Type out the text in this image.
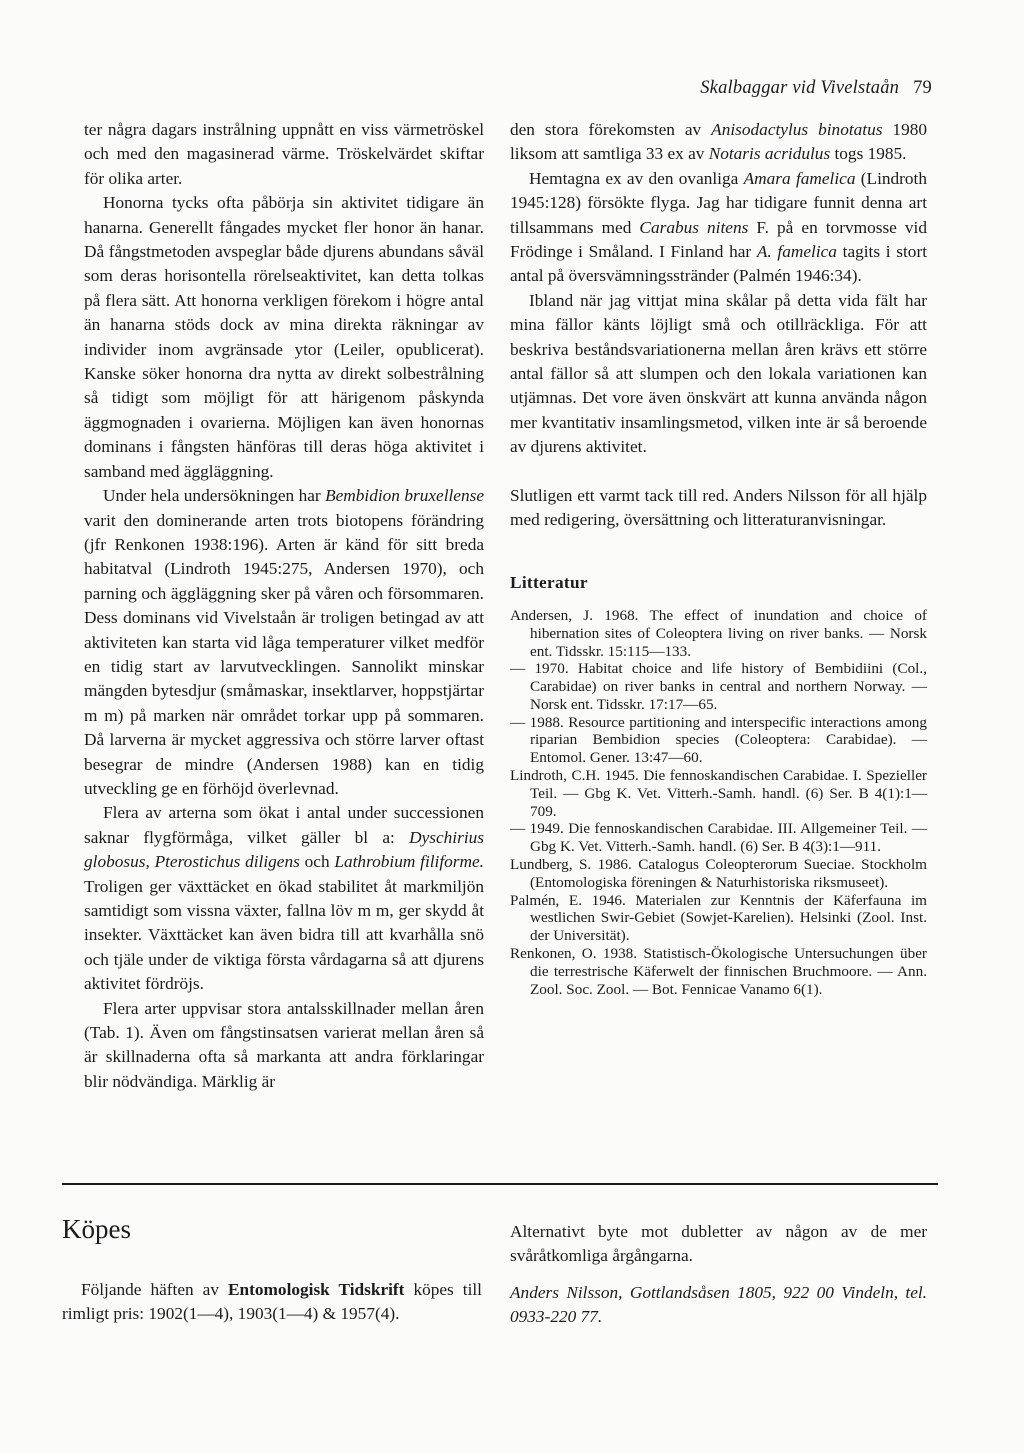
Skalbaggar vid Vivelstaån 79

ter några dagars instrålning uppnått en viss värmetröskel och med den magasinerad värme. Tröskelvärdet skiftar för olika arter.

Honorna tycks ofta påbörja sin aktivitet tidigare än hanarna. Generellt fångades mycket fler honor än hanar. Då fångstmetoden avspeglar både djurens abundans såväl som deras horisontella rörelseaktivitet, kan detta tolkas på flera sätt. Att honorna verkligen förekom i högre antal än hanarna stöds dock av mina direkta räkningar av individer inom avgränsade ytor (Leiler, opublicerat). Kanske söker honorna dra nytta av direkt solbestrålning så tidigt som möjligt för att härigenom påskynda äggmognaden i ovarierna. Möjligen kan även honornas dominans i fångsten hänföras till deras höga aktivitet i samband med äggläggning.

Under hela undersökningen har Bembidion bruxellense varit den dominerande arten trots biotopens förändring (jfr Renkonen 1938:196). Arten är känd för sitt breda habitatval (Lindroth 1945:275, Andersen 1970), och parning och äggläggning sker på våren och försommaren. Dess dominans vid Vivelstaån är troligen betingad av att aktiviteten kan starta vid låga temperaturer vilket medför en tidig start av larvutvecklingen. Sannolikt minskar mängden bytesdjur (småmaskar, insektlarver, hoppstjärtar m m) på marken när området torkar upp på sommaren. Då larverna är mycket aggressiva och större larver oftast besegrar de mindre (Andersen 1988) kan en tidig utveckling ge en förhöjd överlevnad.

Flera av arterna som ökat i antal under successionen saknar flygförmåga, vilket gäller bl a: Dyschirius globosus, Pterostichus diligens och Lathrobium filiforme. Troligen ger växttäcket en ökad stabilitet åt markmiljön samtidigt som vissna växter, fallna löv m m, ger skydd åt insekter. Växttäcket kan även bidra till att kvarhålla snö och tjäle under de viktiga första vårdagarna så att djurens aktivitet fördröjs.

Flera arter uppvisar stora antalsskillnader mellan åren (Tab. 1). Även om fångstinsatsen varierat mellan åren så är skillnaderna ofta så markanta att andra förklaringar blir nödvändiga. Märklig är

den stora förekomsten av Anisodactylus binotatus 1980 liksom att samtliga 33 ex av Notaris acridulus togs 1985.

Hemtagna ex av den ovanliga Amara famelica (Lindroth 1945:128) försökte flyga. Jag har tidigare funnit denna art tillsammans med Carabus nitens F. på en torvmosse vid Frödinge i Småland. I Finland har A. famelica tagits i stort antal på översvämningsstränder (Palmén 1946:34).

Ibland när jag vittjat mina skålar på detta vida fält har mina fällor känts löjligt små och otillräckliga. För att beskriva beståndsvariationerna mellan åren krävs ett större antal fällor så att slumpen och den lokala variationen kan utjämnas. Det vore även önskvärt att kunna använda någon mer kvantitativ insamlingsmetod, vilken inte är så beroende av djurens aktivitet.

Slutligen ett varmt tack till red. Anders Nilsson för all hjälp med redigering, översättning och litteraturanvisningar.

Litteratur

Andersen, J. 1968. The effect of inundation and choice of hibernation sites of Coleoptera living on river banks. — Norsk ent. Tidsskr. 15:115—133.

— 1970. Habitat choice and life history of Bembidiini (Col., Carabidae) on river banks in central and northern Norway. — Norsk ent. Tidsskr. 17:17—65.

— 1988. Resource partitioning and interspecific interactions among riparian Bembidion species (Coleoptera: Carabidae). — Entomol. Gener. 13:47—60.

Lindroth, C.H. 1945. Die fennoskandischen Carabidae. I. Spezieller Teil. — Gbg K. Vet. Vitterh.-Samh. handl. (6) Ser. B 4(1):1—709.

— 1949. Die fennoskandischen Carabidae. III. Allgemeiner Teil. — Gbg K. Vet. Vitterh.-Samh. handl. (6) Ser. B 4(3):1—911.

Lundberg, S. 1986. Catalogus Coleopterorum Sueciae. Stockholm (Entomologiska föreningen & Naturhistoriska riksmuseet).

Palmén, E. 1946. Materialen zur Kenntnis der Käferfauna im westlichen Swir-Gebiet (Sowjet-Karelien). Helsinki (Zool. Inst. der Universität).

Renkonen, O. 1938. Statistisch-Ökologische Untersuchungen über die terrestrische Käferwelt der finnischen Bruchmoore. — Ann. Zool. Soc. Zool. — Bot. Fennicae Vanamo 6(1).

Köpes

Följande häften av Entomologisk Tidskrift köpes till rimligt pris: 1902(1—4), 1903(1—4) & 1957(4).

Alternativt byte mot dubletter av någon av de mer svåråtkomliga årgångarna.

Anders Nilsson, Gottlandsåsen 1805, 922 00 Vindeln, tel. 0933-220 77.
